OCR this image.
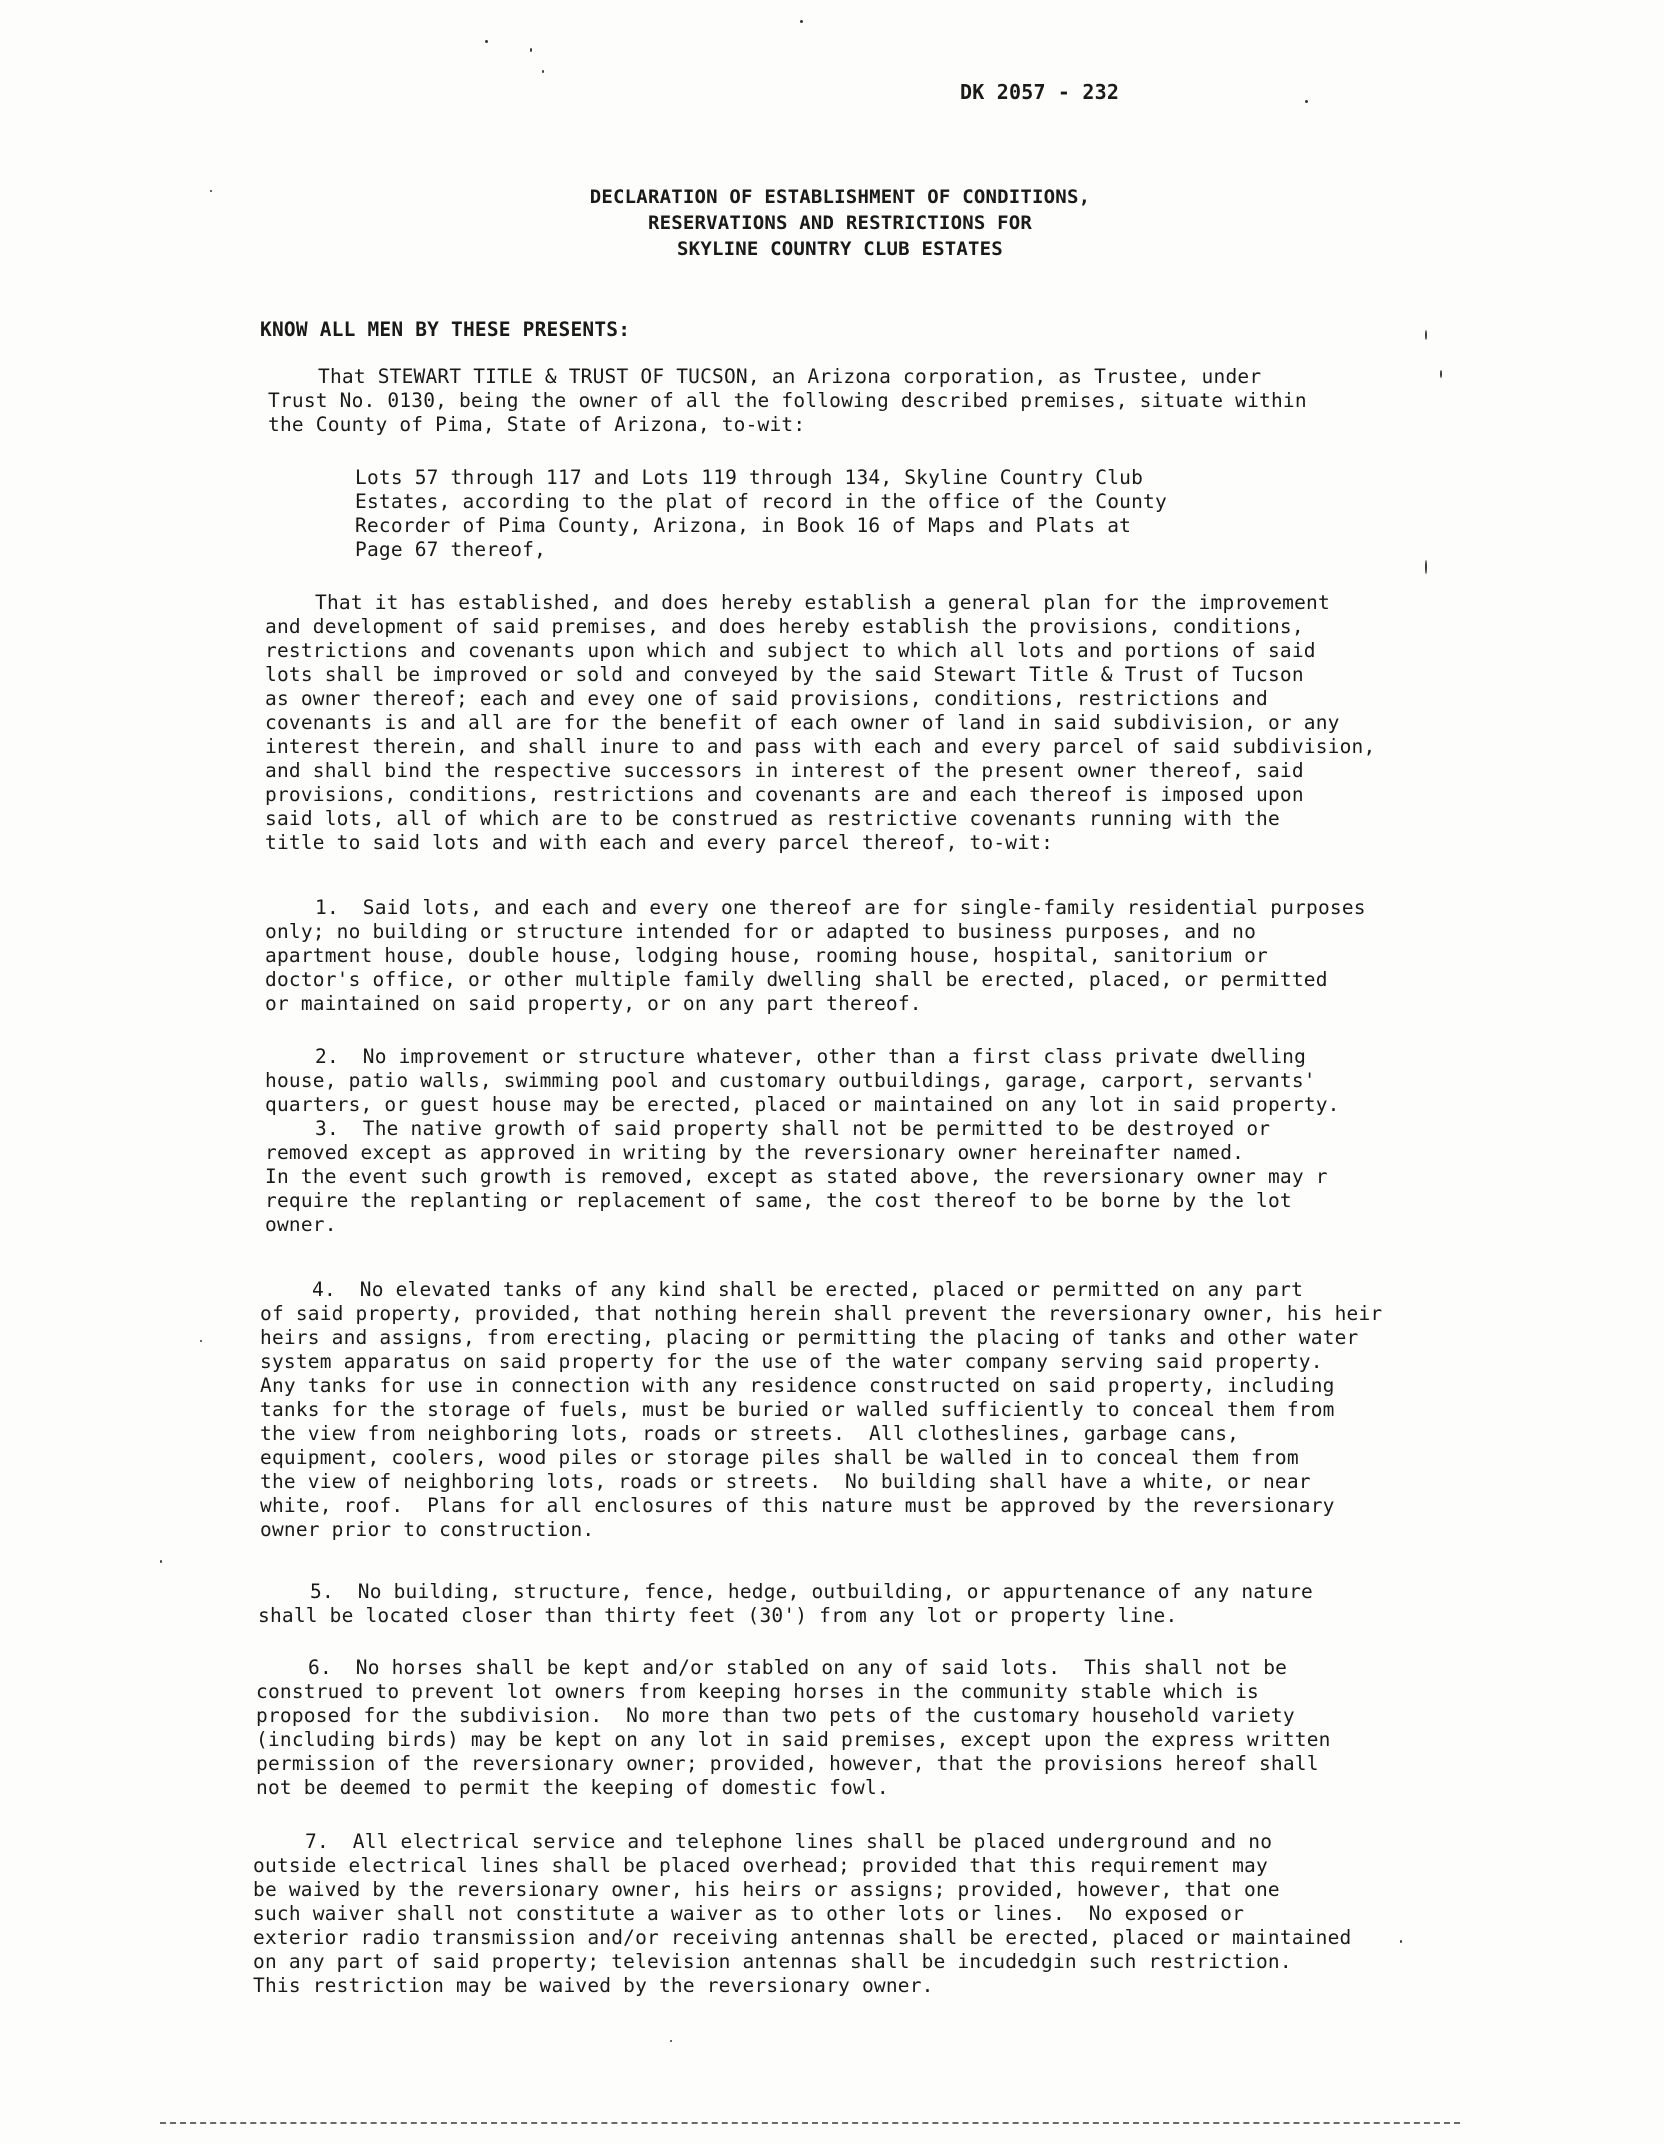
DK 2057 - 232
DECLARATION OF ESTABLISHMENT OF CONDITIONS,
RESERVATIONS AND RESTRICTIONS FOR
SKYLINE COUNTRY CLUB ESTATES
KNOW ALL MEN BY THESE PRESENTS:
That STEWART TITLE & TRUST OF TUCSON, an Arizona corporation, as Trustee, under
Trust No. 0130, being the owner of all the following described premises, situate within
the County of Pima, State of Arizona, to-wit:
Lots 57 through 117 and Lots 119 through 134, Skyline Country Club
Estates, according to the plat of record in the office of the County
Recorder of Pima County, Arizona, in Book 16 of Maps and Plats at
Page 67 thereof,
That it has established, and does hereby establish a general plan for the improvement
and development of said premises, and does hereby establish the provisions, conditions,
restrictions and covenants upon which and subject to which all lots and portions of said
lots shall be improved or sold and conveyed by the said Stewart Title & Trust of Tucson
as owner thereof; each and evey one of said provisions, conditions, restrictions and
covenants is and all are for the benefit of each owner of land in said subdivision, or any
interest therein, and shall inure to and pass with each and every parcel of said subdivision,
and shall bind the respective successors in interest of the present owner thereof, said
provisions, conditions, restrictions and covenants are and each thereof is imposed upon
said lots, all of which are to be construed as restrictive covenants running with the
title to said lots and with each and every parcel thereof, to-wit:
1.  Said lots, and each and every one thereof are for single-family residential purposes
only; no building or structure intended for or adapted to business purposes, and no
apartment house, double house, lodging house, rooming house, hospital, sanitorium or
doctor's office, or other multiple family dwelling shall be erected, placed, or permitted
or maintained on said property, or on any part thereof.
2.  No improvement or structure whatever, other than a first class private dwelling
house, patio walls, swimming pool and customary outbuildings, garage, carport, servants'
quarters, or guest house may be erected, placed or maintained on any lot in said property.
3.  The native growth of said property shall not be permitted to be destroyed or
removed except as approved in writing by the reversionary owner hereinafter named.
In the event such growth is removed, except as stated above, the reversionary owner may r
require the replanting or replacement of same, the cost thereof to be borne by the lot
owner.
4.  No elevated tanks of any kind shall be erected, placed or permitted on any part
of said property, provided, that nothing herein shall prevent the reversionary owner, his heir
heirs and assigns, from erecting, placing or permitting the placing of tanks and other water
system apparatus on said property for the use of the water company serving said property.
Any tanks for use in connection with any residence constructed on said property, including
tanks for the storage of fuels, must be buried or walled sufficiently to conceal them from
the view from neighboring lots, roads or streets.  All clotheslines, garbage cans,
equipment, coolers, wood piles or storage piles shall be walled in to conceal them from
the view of neighboring lots, roads or streets.  No building shall have a white, or near
white, roof.  Plans for all enclosures of this nature must be approved by the reversionary
owner prior to construction.
5.  No building, structure, fence, hedge, outbuilding, or appurtenance of any nature
shall be located closer than thirty feet (30') from any lot or property line.
6.  No horses shall be kept and/or stabled on any of said lots.  This shall not be
construed to prevent lot owners from keeping horses in the community stable which is
proposed for the subdivision.  No more than two pets of the customary household variety
(including birds) may be kept on any lot in said premises, except upon the express written
permission of the reversionary owner; provided, however, that the provisions hereof shall
not be deemed to permit the keeping of domestic fowl.
7.  All electrical service and telephone lines shall be placed underground and no
outside electrical lines shall be placed overhead; provided that this requirement may
be waived by the reversionary owner, his heirs or assigns; provided, however, that one
such waiver shall not constitute a waiver as to other lots or lines.  No exposed or
exterior radio transmission and/or receiving antennas shall be erected, placed or maintained
on any part of said property; television antennas shall be incudedgin such restriction.
This restriction may be waived by the reversionary owner.
